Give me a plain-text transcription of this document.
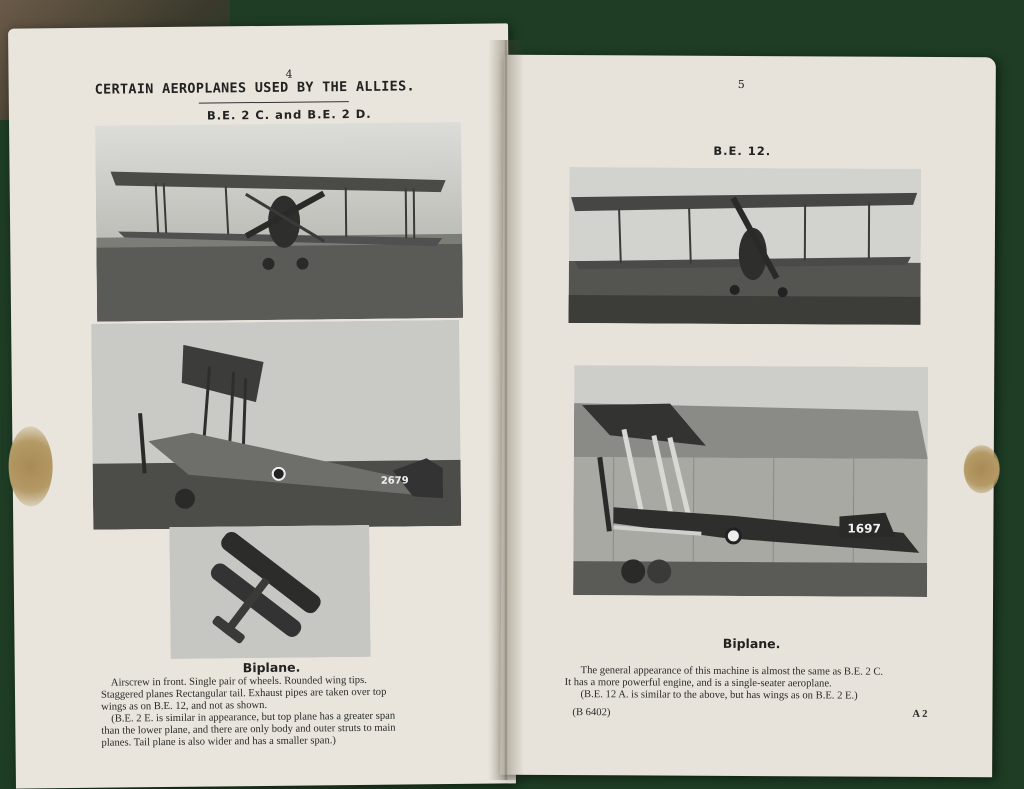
4
CERTAIN AEROPLANES USED BY THE ALLIES.
B.E. 2 C. and B.E. 2 D.
2679
Biplane.
Airscrew in front. Single pair of wheels. Rounded wing tips.
Staggered planes Rectangular tail. Exhaust pipes are taken over top
wings as on B.E. 12, and not as shown.
(B.E. 2 E. is similar in appearance, but top plane has a greater span
than the lower plane, and there are only body and outer struts to main
planes. Tail plane is also wider and has a smaller span.)
5
B.E. 12.
1697
Biplane.
The general appearance of this machine is almost the same as B.E. 2 C.
It has a more powerful engine, and is a single-seater aeroplane.
(B.E. 12 A. is similar to the above, but has wings as on B.E. 2 E.)
(B 6402)	A 2
